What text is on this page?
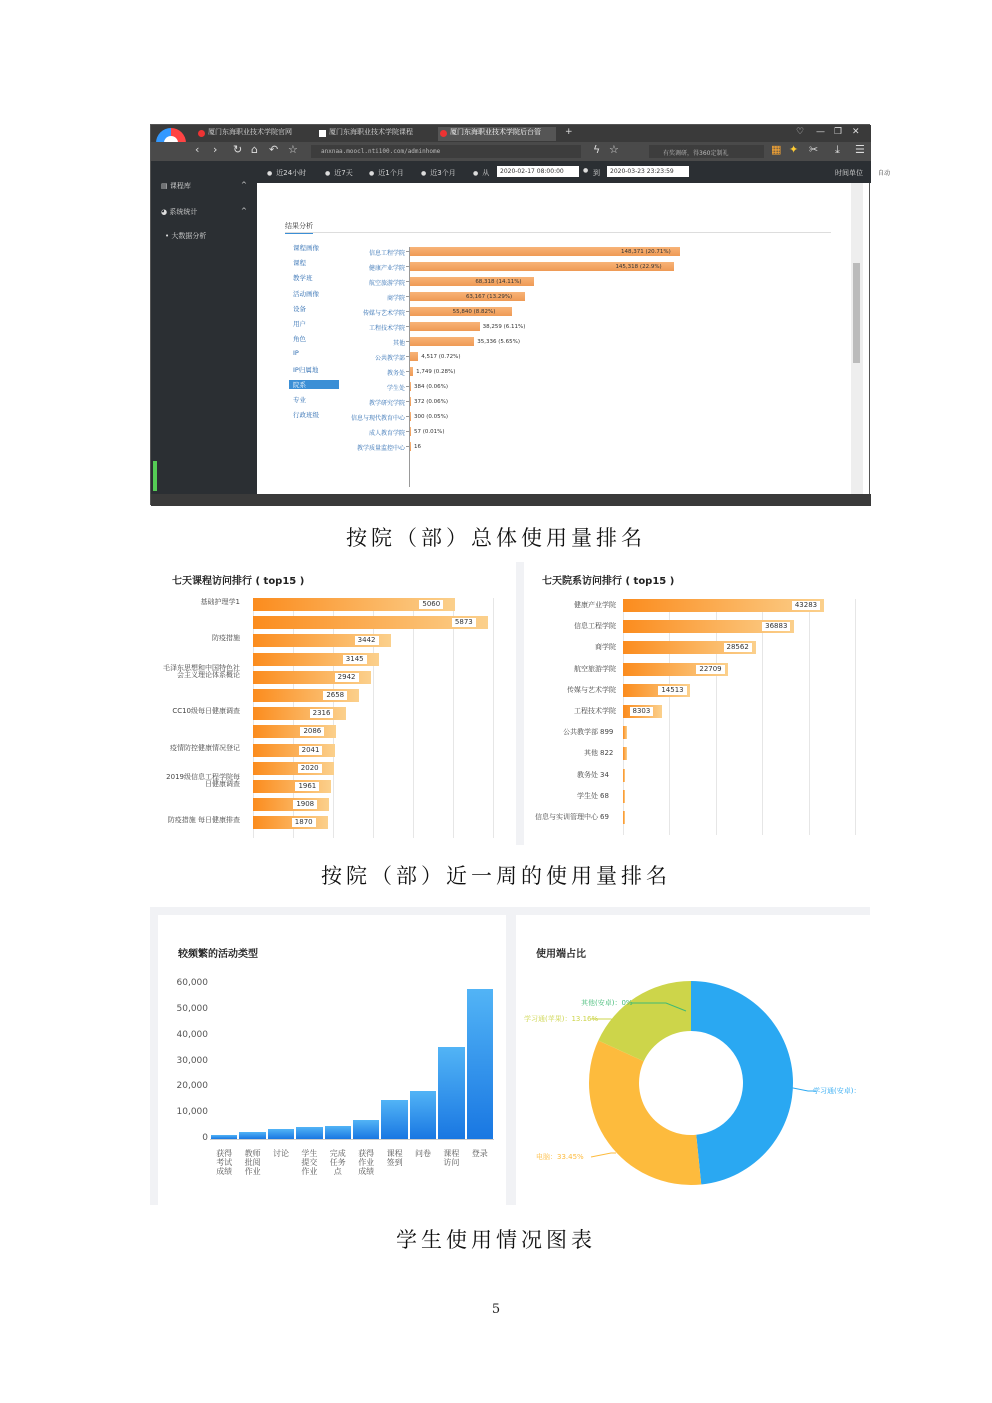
厦门东海职业技术学院官网	厦门东海职业技术学院课程	厦门东海职业技术学院后台管	+	♡ — ❐ ✕
‹ › ↻ ⌂ ↶ ☆	anxnaa.moocl.nti100.com/adminhome	ϟ ☆	有奖调研，得360定制礼	▦ ✦ ✂ ⤓ ☰
▤ 课程库	^
◕ 系统统计	^
• 大数据分析
● 近24小时	● 近7天	● 近1个月	● 近3个月	● 从	2020-02-17 08:00:00 ●	到	2020-03-23 23:23:59	时间单位	自动
结果分析
课程画像
课程
教学班
活动画像
设备
用户
角色
IP
IP归属地
院系
专业
行政班级
信息工程学院	148,371 (20.71%)
健康产业学院	145,318 (22.9%)
航空旅游学院	68,318 (14.11%)
商学院	63,167 (13.29%)
传媒与艺术学院	55,840 (8.82%)
工程技术学院	38,259 (6.11%)
其他	35,336 (5.65%)
公共教学部	4,517 (0.72%)
教务处 1,749 (0.28%)
学生处 384 (0.06%)
教学研究学院 372 (0.06%)
信息与现代教育中心 300 (0.05%)
成人教育学院 57 (0.01%)
教学质量监控中心 16
按院（部）总体使用量排名
七天课程访问排行 ( top15 )
5060
基础护理学1
5873
3442
防疫措施
3145
2942
毛泽东思想和中国特色社会主义理论体系概论
2658
2316
CC10级每日健康调查
2086
2041
疫情防控健康情况登记
2020
1961
2019级信息工程学院每日健康调查
1908
1870
防疫措施 每日健康排查
七天院系访问排行 ( top15 )
43283
健康产业学院
36883
信息工程学院
28562
商学院
22709
航空旅游学院
14513
传媒与艺术学院
8303
工程技术学院
公共教学部 899
其他 822
教务处 34
学生处 68
信息与实训管理中心 69
按院（部）近一周的使用量排名
较频繁的活动类型
60,000
50,000
40,000
30,000
20,000
10,000
0
获得
考试
成绩
教师
批阅
作业
讨论	学生
提交
作业
完成
任务
点
获得
作业
成绩
课程
签到
问卷	课程
访问
登录
使用端占比
学习通(安卓)：
电脑：33.45%
学习通(苹果)：13.16%
其他(安卓)：0%
学生使用情况图表
5
